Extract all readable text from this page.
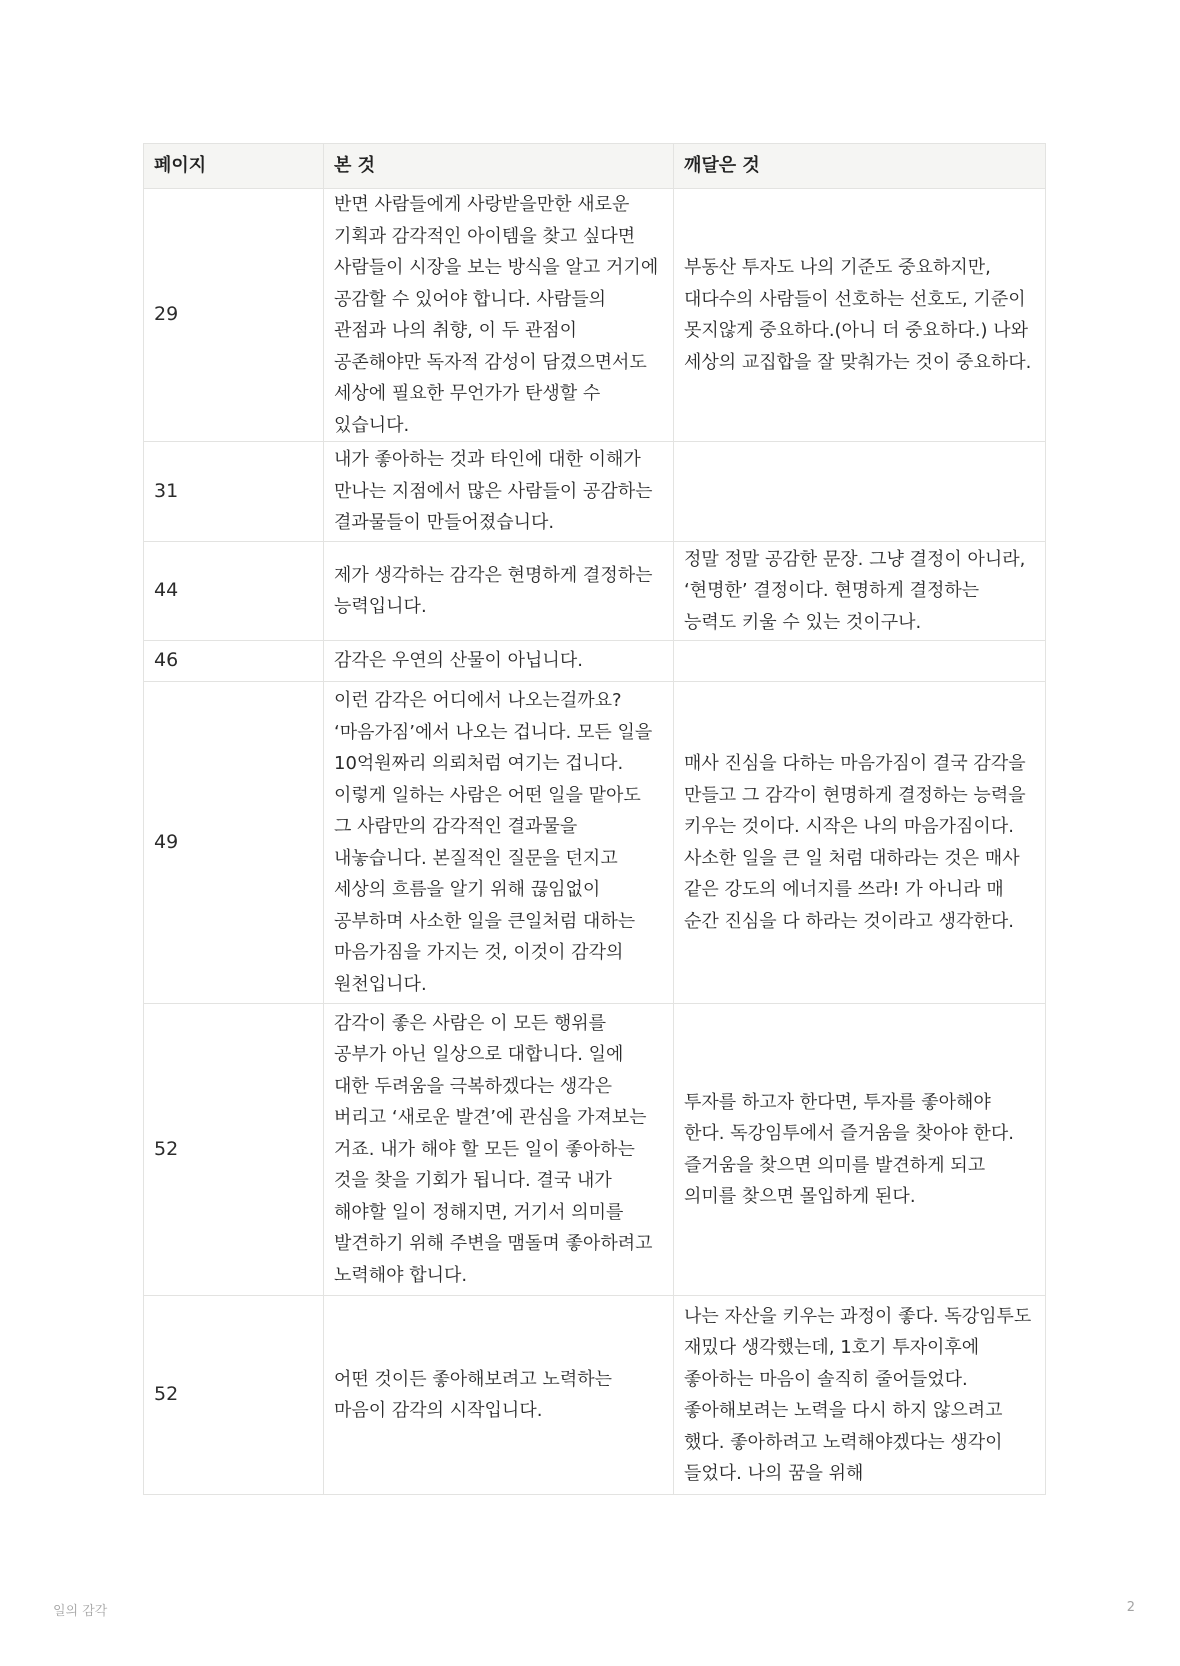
페이지	본 것	깨달은 것
29	반면 사람들에게 사랑받을만한 새로운 기획과 감각적인 아이템을 찾고 싶다면 사람들이 시장을 보는 방식을 알고 거기에 공감할 수 있어야 합니다. 사람들의 관점과 나의 취향, 이 두 관점이 공존해야만 독자적 감성이 담겼으면서도 세상에 필요한 무언가가 탄생할 수 있습니다.	부동산 투자도 나의 기준도 중요하지만, 대다수의 사람들이 선호하는 선호도, 기준이 못지않게 중요하다.(아니 더 중요하다.) 나와 세상의 교집합을 잘 맞춰가는 것이 중요하다.
31	내가 좋아하는 것과 타인에 대한 이해가 만나는 지점에서 많은 사람들이 공감하는 결과물들이 만들어졌습니다.	
44	제가 생각하는 감각은 현명하게 결정하는 능력입니다.	정말 정말 공감한 문장. 그냥 결정이 아니라, ‘현명한’ 결정이다. 현명하게 결정하는 능력도 키울 수 있는 것이구나.
46	감각은 우연의 산물이 아닙니다.	
49	이런 감각은 어디에서 나오는걸까요? ‘마음가짐’에서 나오는 겁니다. 모든 일을 10억원짜리 의뢰처럼 여기는 겁니다. 이렇게 일하는 사람은 어떤 일을 맡아도 그 사람만의 감각적인 결과물을 내놓습니다. 본질적인 질문을 던지고 세상의 흐름을 알기 위해 끊임없이 공부하며 사소한 일을 큰일처럼 대하는 마음가짐을 가지는 것, 이것이 감각의 원천입니다.	매사 진심을 다하는 마음가짐이 결국 감각을 만들고 그 감각이 현명하게 결정하는 능력을 키우는 것이다. 시작은 나의 마음가짐이다. 사소한 일을 큰 일 처럼 대하라는 것은 매사 같은 강도의 에너지를 쓰라! 가 아니라 매 순간 진심을 다 하라는 것이라고 생각한다.
52	감각이 좋은 사람은 이 모든 행위를 공부가 아닌 일상으로 대합니다. 일에 대한 두려움을 극복하겠다는 생각은 버리고 ‘새로운 발견’에 관심을 가져보는 거죠. 내가 해야 할 모든 일이 좋아하는 것을 찾을 기회가 됩니다. 결국 내가 해야할 일이 정해지면, 거기서 의미를 발견하기 위해 주변을 맴돌며 좋아하려고 노력해야 합니다.	투자를 하고자 한다면, 투자를 좋아해야 한다. 독강임투에서 즐거움을 찾아야 한다. 즐거움을 찾으면 의미를 발견하게 되고 의미를 찾으면 몰입하게 된다.
52	어떤 것이든 좋아해보려고 노력하는 마음이 감각의 시작입니다.	나는 자산을 키우는 과정이 좋다. 독강임투도 재밌다 생각했는데, 1호기 투자이후에 좋아하는 마음이 솔직히 줄어들었다. 좋아해보려는 노력을 다시 하지 않으려고 했다. 좋아하려고 노력해야겠다는 생각이 들었다. 나의 꿈을 위해
일의 감각	2
